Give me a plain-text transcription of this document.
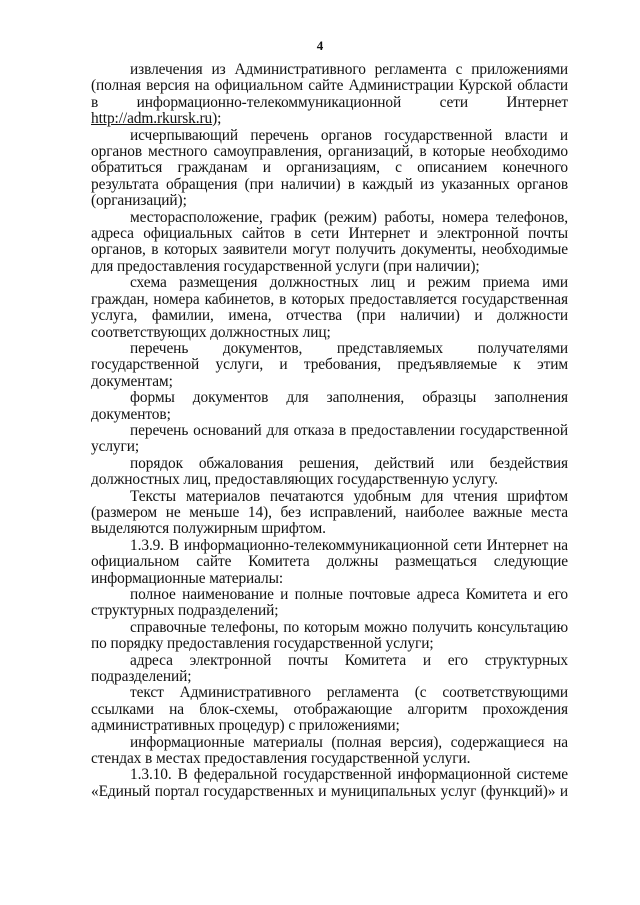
4

извлечения из Административного регламента с приложениями (полная версия на официальном сайте Администрации Курской области в информационно-телекоммуникационной сети Интернет http://adm.rkursk.ru);

исчерпывающий перечень органов государственной власти и органов местного самоуправления, организаций, в которые необходимо обратиться гражданам и организациям, с описанием конечного результата обращения (при наличии) в каждый из указанных органов (организаций);

месторасположение, график (режим) работы, номера телефонов, адреса официальных сайтов в сети Интернет и электронной почты органов, в которых заявители могут получить документы, необходимые для предоставления государственной услуги (при наличии);

схема размещения должностных лиц и режим приема ими граждан, номера кабинетов, в которых предоставляется государственная услуга, фамилии, имена, отчества (при наличии) и должности соответствующих должностных лиц;

перечень документов, представляемых получателями государственной услуги, и требования, предъявляемые к этим документам;

формы документов для заполнения, образцы заполнения документов;

перечень оснований для отказа в предоставлении государственной услуги;

порядок обжалования решения, действий или бездействия должностных лиц, предоставляющих государственную услугу.

Тексты материалов печатаются удобным для чтения шрифтом (размером не меньше 14), без исправлений, наиболее важные места выделяются полужирным шрифтом.

1.3.9. В информационно-телекоммуникационной сети Интернет на официальном сайте Комитета должны размещаться следующие информационные материалы:

полное наименование и полные почтовые адреса Комитета и его структурных подразделений;

справочные телефоны, по которым можно получить консультацию по порядку предоставления государственной услуги;

адреса электронной почты Комитета и его структурных подразделений;

текст Административного регламента (с соответствующими ссылками на блок-схемы, отображающие алгоритм прохождения административных процедур) с приложениями;

информационные материалы (полная версия), содержащиеся на стендах в местах предоставления государственной услуги.

1.3.10. В федеральной государственной информационной системе «Единый портал государственных и муниципальных услуг (функций)» и
